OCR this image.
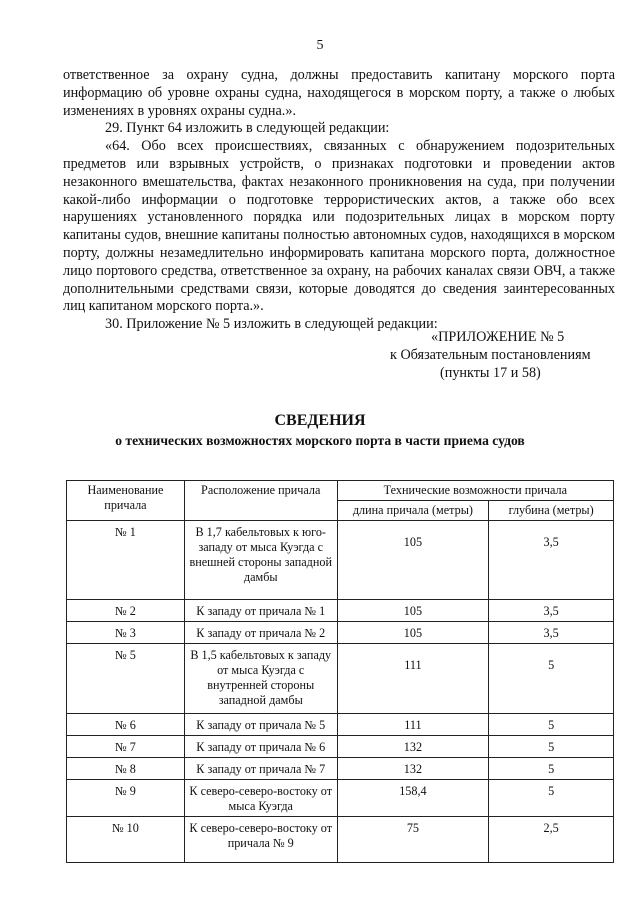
5

ответственное за охрану судна, должны предоставить капитану морского порта информацию об уровне охраны судна, находящегося в морском порту, а также о любых изменениях в уровнях охраны судна.».

29. Пункт 64 изложить в следующей редакции:

«64. Обо всех происшествиях, связанных с обнаружением подозрительных предметов или взрывных устройств, о признаках подготовки и проведении актов незаконного вмешательства, фактах незаконного проникновения на суда, при получении какой-либо информации о подготовке террористических актов, а также обо всех нарушениях установленного порядка или подозрительных лицах в морском порту капитаны судов, внешние капитаны полностью автономных судов, находящихся в морском порту, должны незамедлительно информировать капитана морского порта, должностное лицо портового средства, ответственное за охрану, на рабочих каналах связи ОВЧ, а также дополнительными средствами связи, которые доводятся до сведения заинтересованных лиц капитаном морского порта.».

30. Приложение № 5 изложить в следующей редакции:

«ПРИЛОЖЕНИЕ № 5
к Обязательным постановлениям
(пункты 17 и 58)
СВЕДЕНИЯ
о технических возможностях морского порта в части приема судов
Наименование причала	Расположение причала	Технические возможности причала	
		длина причала (метры)	глубина (метры)
№ 1	В 1,7 кабельтовых к юго-западу от мыса Куэгда с внешней стороны западной дамбы	105	3,5
№ 2	К западу от причала № 1	105	3,5
№ 3	К западу от причала № 2	105	3,5
№ 5	В 1,5 кабельтовых к западу от мыса Куэгда с внутренней стороны западной дамбы	111	5
№ 6	К западу от причала № 5	111	5
№ 7	К западу от причала № 6	132	5
№ 8	К западу от причала № 7	132	5
№ 9	К северо-северо-востоку от мыса Куэгда	158,4	5
№ 10	К северо-северо-востоку от причала № 9	75	2,5
